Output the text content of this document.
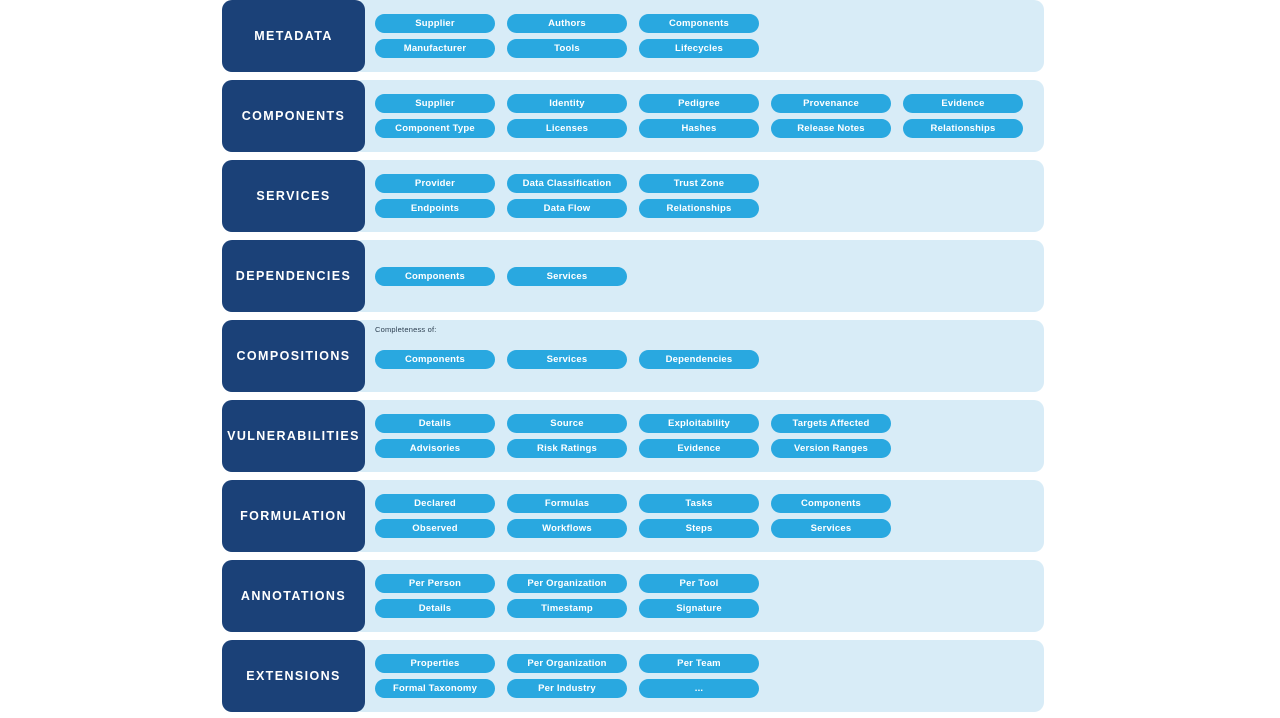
METADATA
Supplier	Authors	Components
Manufacturer	Tools	Lifecycles
COMPONENTS
Supplier	Identity	Pedigree	Provenance	Evidence
Component Type	Licenses	Hashes	Release Notes	Relationships
SERVICES
Provider	Data Classification	Trust Zone
Endpoints	Data Flow	Relationships
DEPENDENCIES	Components	Services
COMPOSITIONS
Completeness of:
Components	Services	Dependencies
VULNERABILITIES
Details	Source	Exploitability	Targets Affected
Advisories	Risk Ratings	Evidence	Version Ranges
FORMULATION
Declared	Formulas	Tasks	Components
Observed	Workflows	Steps	Services
ANNOTATIONS
Per Person	Per Organization	Per Tool
Details	Timestamp	Signature
EXTENSIONS
Properties	Per Organization	Per Team
Formal Taxonomy	Per Industry	...
